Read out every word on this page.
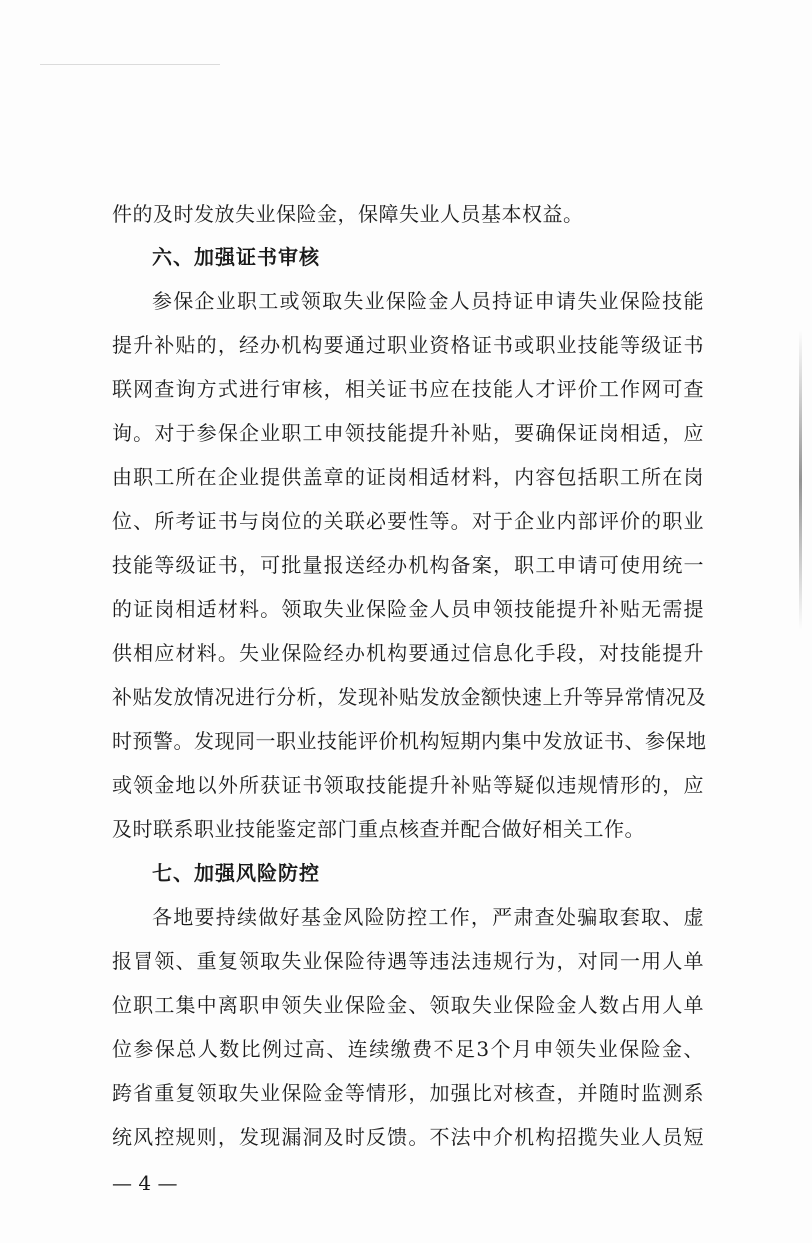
件的及时发放失业保险金，保障失业人员基本权益。
六、加强证书审核
参保企业职工或领取失业保险金人员持证申请失业保险技能
提升补贴的，经办机构要通过职业资格证书或职业技能等级证书
联网查询方式进行审核，相关证书应在技能人才评价工作网可查
询。对于参保企业职工申领技能提升补贴，要确保证岗相适，应
由职工所在企业提供盖章的证岗相适材料，内容包括职工所在岗
位、所考证书与岗位的关联必要性等。对于企业内部评价的职业
技能等级证书，可批量报送经办机构备案，职工申请可使用统一
的证岗相适材料。领取失业保险金人员申领技能提升补贴无需提
供相应材料。失业保险经办机构要通过信息化手段，对技能提升
补贴发放情况进行分析，发现补贴发放金额快速上升等异常情况及
时预警。发现同一职业技能评价机构短期内集中发放证书、参保地
或领金地以外所获证书领取技能提升补贴等疑似违规情形的，应
及时联系职业技能鉴定部门重点核查并配合做好相关工作。
七、加强风险防控
各地要持续做好基金风险防控工作，严肃查处骗取套取、虚
报冒领、重复领取失业保险待遇等违法违规行为，对同一用人单
位职工集中离职申领失业保险金、领取失业保险金人数占用人单
位参保总人数比例过高、连续缴费不足3个月申领失业保险金、
跨省重复领取失业保险金等情形，加强比对核查，并随时监测系
统风控规则，发现漏洞及时反馈。不法中介机构招揽失业人员短
— 4 —
